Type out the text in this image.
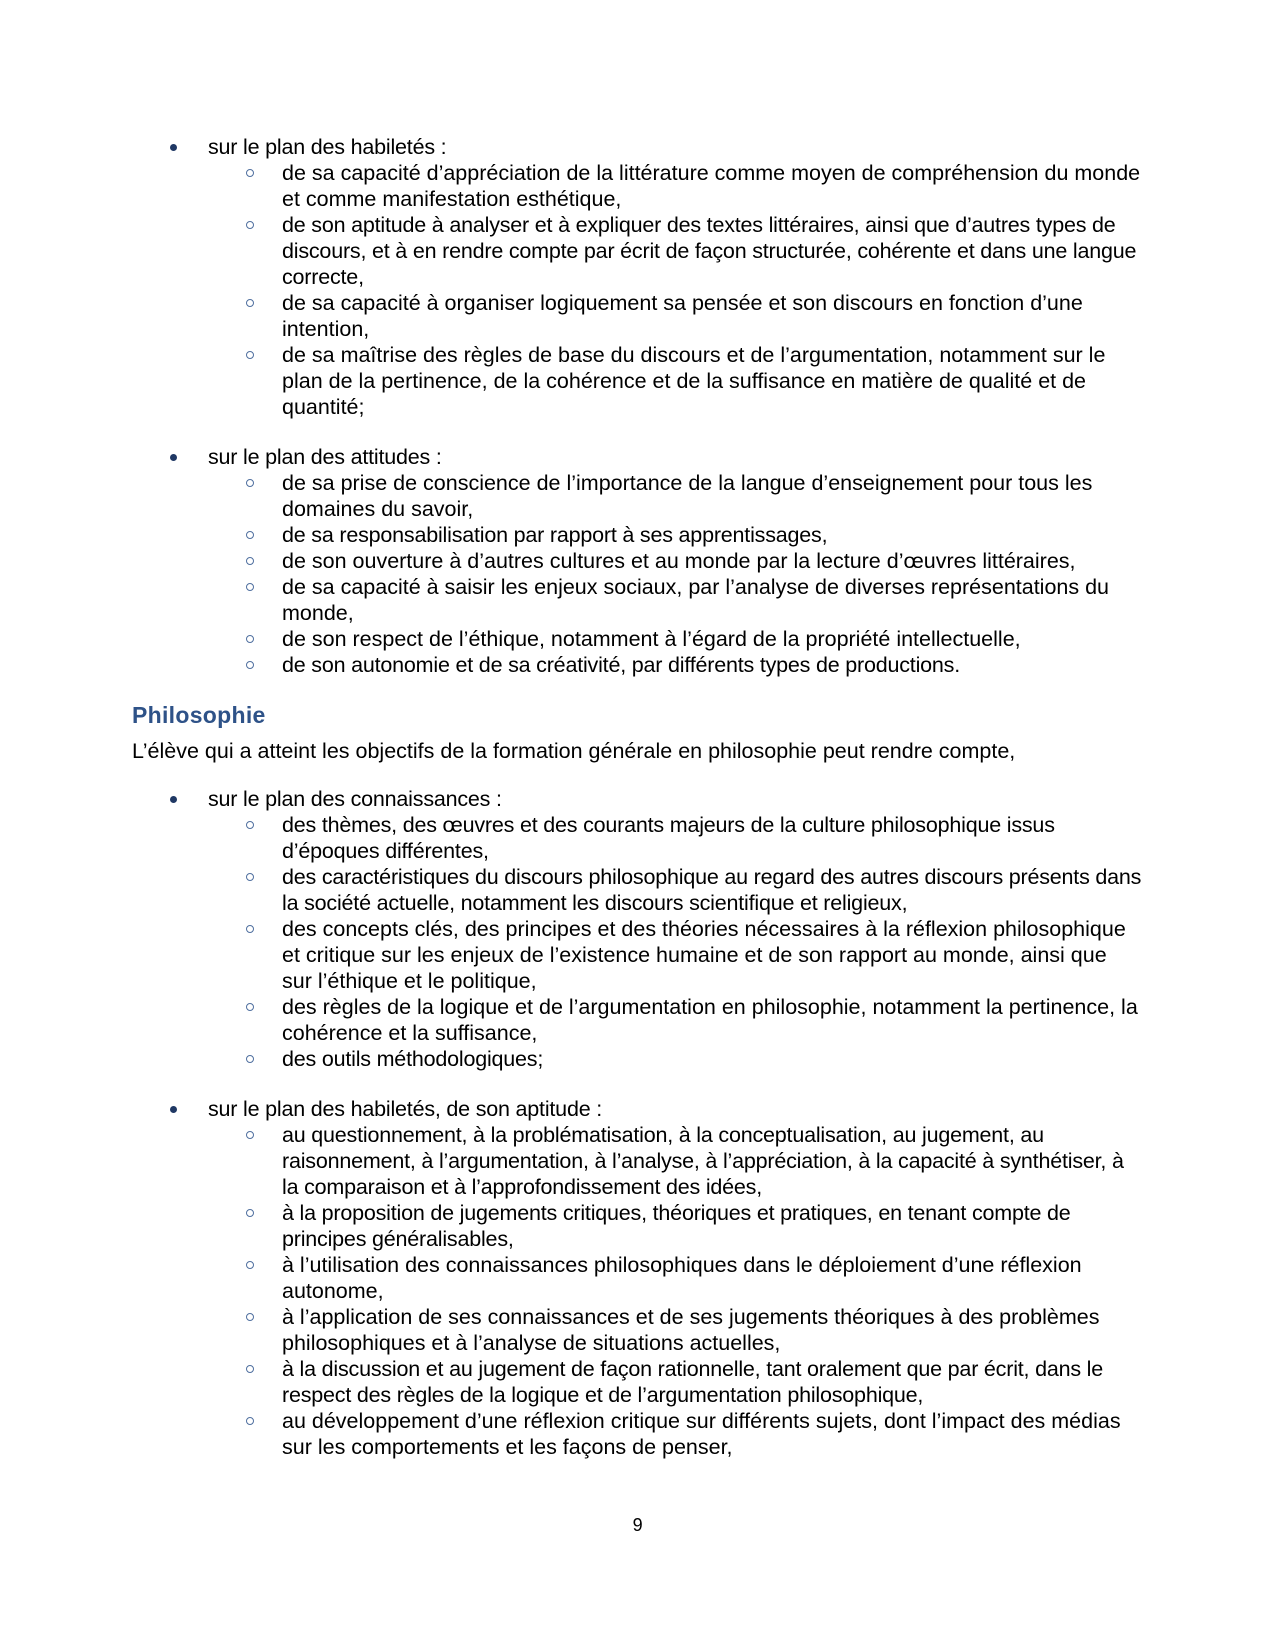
sur le plan des habiletés :

de sa capacité d’appréciation de la littérature comme moyen de compréhension du monde et comme manifestation esthétique,

de son aptitude à analyser et à expliquer des textes littéraires, ainsi que d’autres types de discours, et à en rendre compte par écrit de façon structurée, cohérente et dans une langue correcte,

de sa capacité à organiser logiquement sa pensée et son discours en fonction d’une intention,

de sa maîtrise des règles de base du discours et de l’argumentation, notamment sur le plan de la pertinence, de la cohérence et de la suffisance en matière de qualité et de quantité;

sur le plan des attitudes :

de sa prise de conscience de l’importance de la langue d’enseignement pour tous les domaines du savoir,

de sa responsabilisation par rapport à ses apprentissages,

de son ouverture à d’autres cultures et au monde par la lecture d’œuvres littéraires,

de sa capacité à saisir les enjeux sociaux, par l’analyse de diverses représentations du monde,

de son respect de l’éthique, notamment à l’égard de la propriété intellectuelle,

de son autonomie et de sa créativité, par différents types de productions.

Philosophie

L’élève qui a atteint les objectifs de la formation générale en philosophie peut rendre compte,

sur le plan des connaissances :

des thèmes, des œuvres et des courants majeurs de la culture philosophique issus d’époques différentes,

des caractéristiques du discours philosophique au regard des autres discours présents dans la société actuelle, notamment les discours scientifique et religieux,

des concepts clés, des principes et des théories nécessaires à la réflexion philosophique et critique sur les enjeux de l’existence humaine et de son rapport au monde, ainsi que sur l’éthique et le politique,

des règles de la logique et de l’argumentation en philosophie, notamment la pertinence, la cohérence et la suffisance,

des outils méthodologiques;

sur le plan des habiletés, de son aptitude :

au questionnement, à la problématisation, à la conceptualisation, au jugement, au raisonnement, à l’argumentation, à l’analyse, à l’appréciation, à la capacité à synthétiser, à la comparaison et à l’approfondissement des idées,

à la proposition de jugements critiques, théoriques et pratiques, en tenant compte de principes généralisables,

à l’utilisation des connaissances philosophiques dans le déploiement d’une réflexion autonome,

à l’application de ses connaissances et de ses jugements théoriques à des problèmes philosophiques et à l’analyse de situations actuelles,

à la discussion et au jugement de façon rationnelle, tant oralement que par écrit, dans le respect des règles de la logique et de l’argumentation philosophique,

au développement d’une réflexion critique sur différents sujets, dont l’impact des médias sur les comportements et les façons de penser,

9
